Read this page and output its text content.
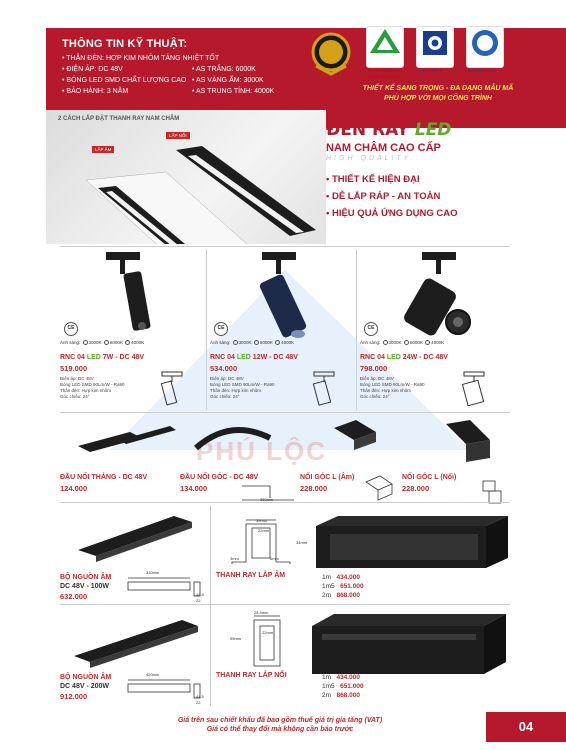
THÔNG TIN KỸ THUẬT:
• THÂN ĐÈN: HỢP KIM NHÔM TẢNG NHIỆT TỐT
• ĐIỆN ÁP: DC 48V
• BÓNG LED SMD CHẤT LƯỢNG CAO
• BẢO HÀNH: 3 NĂM
• AS TRẮNG: 6000K
• AS VÀNG ẤM: 3000K
• AS TRUNG TÍNH: 4000K
TCVN 7722-2:2017
TCVN 11844:2017
QUATEST 3	ISO 9001:2015
THIẾT KẾ SANG TRỌNG - ĐA DẠNG MẪU MÃ
PHÙ HỢP VỚI MỌI CÔNG TRÌNH
2 CÁCH LẮP ĐẶT THANH RAY NAM CHÂM
LẮP ÂM
LẮP NỔI	ĐÈN RAY LED
NAM CHÂM CAO CẤP
HIGH QUALITY
• THIẾT KẾ HIỆN ĐẠI
• DỄ LẮP RÁP - AN TOÀN
• HIỆU QUẢ ỨNG DỤNG CAO
CE	CE	CE
Ánh sáng: 3000K 6000K 4000K	Ánh sáng: 3000K 6000K 4000K	Ánh sáng: 3000K 6000K 4000K
RNC 04 LED 7W - DC 48V
519.000
Điện áp: DC 48V
Bóng LED SMD 90Lm/W - Ra90
Thân đèn: Hợp kim nhôm
Góc chiếu: 24°
RNC 04 LED 12W - DC 48V
534.000
Điện áp: DC 48V
Bóng LED SMD 90Lm/W - Ra90
Thân đèn: Hợp kim nhôm
Góc chiếu: 24°
RNC 04 LED 24W - DC 48V
798.000
Điện áp: DC 48V
Bóng LED SMD 90Lm/W - Ra90
Thân đèn: Hợp kim nhôm
Góc chiếu: 24°
PHÚ LỘC
ĐẦU NỐI THẲNG - DC 48V
124.000
ĐẦU NỐI GÓC - DC 48V
134.000
NỐI GÓC L (Âm)
228.000
NỐI GÓC L (Nổi)
228.000
350mm
BỘ NGUỒN ÂM
DC 48V - 100W
632.000
330mm
44.5
22
BỘ NGUỒN ÂM
DC 48V - 200W
912.000
420mm
44.5
22
39mm
34mm
22mm
3mm	6mm
THANH RAY LẮP ÂM	1m 434.000
1m5 651.000
2m 868.000
28.4mm
55mm
22mm
THANH RAY LẮP NỔI	1m 434.000
1m5 651.000
2m 868.000
Giá trên sau chiết khấu đã bao gồm thuế giá trị gia tăng (VAT)
Giá có thể thay đổi mà không cần báo trước	04
